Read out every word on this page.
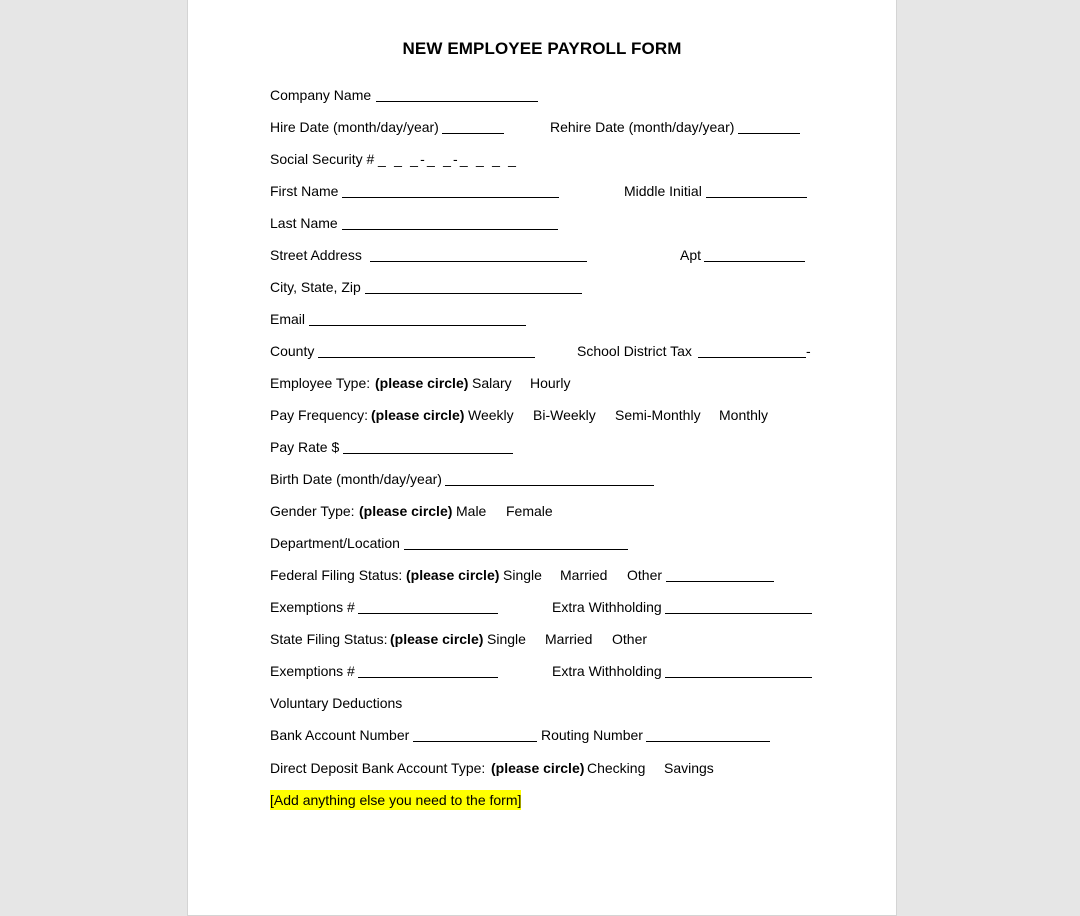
NEW EMPLOYEE PAYROLL FORM
Company Name
Hire Date (month/day/year)	Rehire Date (month/day/year)
Social Security # _ _ _-_ _-_ _ _ _
First Name	Middle Initial
Last Name
Street Address	Apt
City, State, Zip
Email
County	School District Tax	-
Employee Type: (please circle) Salary Hourly
Pay Frequency: (please circle) Weekly Bi-Weekly Semi-Monthly Monthly
Pay Rate $
Birth Date (month/day/year)
Gender Type: (please circle) Male Female
Department/Location
Federal Filing Status: (please circle) Single Married Other
Exemptions #	Extra Withholding
State Filing Status: (please circle) Single Married Other
Exemptions #	Extra Withholding
Voluntary Deductions
Bank Account Number	Routing Number
Direct Deposit Bank Account Type: (please circle) Checking Savings
[Add anything else you need to the form]
